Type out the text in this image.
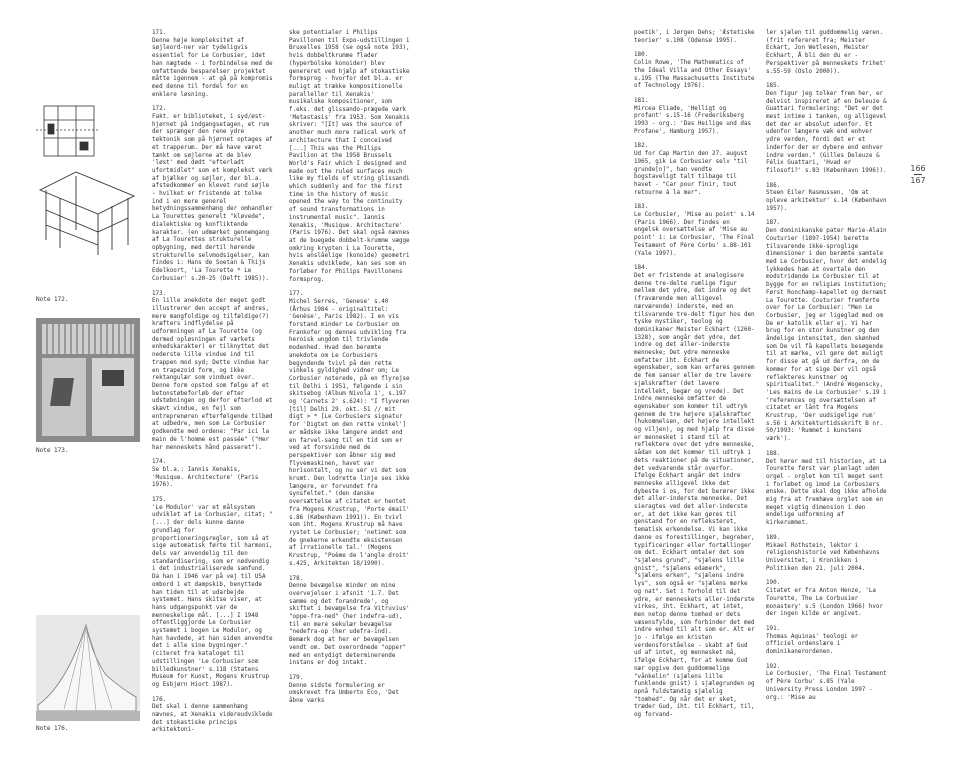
Note 172.
Note 173.
Note 176.
166
167

171.
Denne høje kompleksitet af søjleord-ner var tydeligvis essentiel for Le Corbusier, idet han nægtede - i forbindelse med de omfattende besparelser projektet måtte igennem - at gå på kompromis med denne til fordel for en enklere løsning.

172.
Fakt. er biblioteket, i syd/øst-hjørnet på indgangsetagen, et rum der sprænger den rene ydre tektonik som på hjørnet optages af et trapperum. Der må have været tænkt om søjlerne at de blev 'løst' med dødt "efterladt ufortmidlet" som et komplekst værk af bjælker og søjler, der bl.a. afstedkommer en klevet rund søjle - hvilket er fristende at tolke ind i en mere generel betydningssammenhæng der omhandler La Tourettes generelt "kløvede", dialektiske og konfliktende karakter. (en udmærket gennemgang af La Tourettes strukturelle opbygning, med dertil hørende strukturelle selvmodsigelser, kan findes i: Hans de Soetan & Thijs Edelkoort, 'La Tourette * Le Corbusier' s.20-25 (Delft 1985)).

173.
En lille anekdote der meget godt illustrerer den accept af andres, mere mangfoldige og tilfældige(?) kræfters indflydelse på udformningen af La Tourette (og dermed opløsningen af værkets enhedskarakter) er tilknyttet det nederste lille vindue ind til trappen mod syd; Dette vindue har en trapezoid form, og ikke rektangulær som vinduet over. Denne form opstod som følge af et betonstøbeforløb der efter udstøbningen og derfor efterlod et skævt vindue, en fejl som entreprenøren efterfølgende tilbød at udbedre, men som Le Corbusier godkendte med ordene: "Par ici la main de l'homme est passée" ("Her har menneskets hånd passeret").

174.
Se bl.a.: Iannis Xenakis, 'Musique. Architecture' (Paris 1976).

175.
'Le Modulor' var et målsystem udviklet af Le Corbusier, citat; "[...] der dels kunne danne grundlag for proportioneringsregler, som så at sige automatisk førte til harmoni, dels var anvendelig til den standardisering, som er nødvendig i det industrialiserede samfund. Da han i 1946 var på vej til USA ombord i et dampskib, benyttede han tiden til at udarbejde systemet. Hans skitse viser, at hans udgangspunkt var de menneskelige mål. [...] I 1948 offentliggjorde Le Corbusier systemet i bogen Le Modulor, og han havdede, at han siden anvendte det i alle sine bygninger." (citeret fra kataloget til udstillingen 'Le Corbusier som billedkunstner' s.118 (Statens Museum for Kunst, Mogens Krustrup og Esbjørn Hiort 1987).

176.
Det skal i denne sammenhæng nævnes, at Xenakis videreudviklede det stokastiske princips arkitektoni-

ske potentialer i Philips Pavillonen til Expo-udstillingen i Bruxelles 1958 (se også note 193), hvis dobbeltkrumme flader (hyperbolske konoider) blev genereret ved hjælp af stokastiske formsprog - hvorfor det bl.a. er muligt at trække kompositionelle paralleller til Xenakis' musikalske kompositioner, som f.eks. det glissando-prægede værk 'Metastasis' fra 1953. Som Xenakis skriver: "[It] was the source of another much more radical work of architecture that I conceived [...] This was the Philips Pavilion at the 1958 Brussels World's Fair which I designed and made out the ruled surfaces much like my fields of string glissandi which suddenly and for the first time in the history of music opened the way to the continuity of sound transformations in instrumental music". Iannis Xenakis, 'Musique. Architecture' (Paris 1976). Det skal også nævnes at de buegede dobbelt-krumme vægge omkring krypten i La Tourette, hvis anslåelige (konoide) geometri Xenakis udviklede, kan ses som en forløber for Philips Pavillonens formsprog.

177.
Michel Serres, 'Genese' s.40 (Århus 1984 - originaltitel: 'Genèse', Paris 1982). I en vis forstand minder Le Corbusier om Frankofer og dennes udvikling fra heroisk ungdom til trivlende modenhed. Hvad den berømte anekdote om Le Corbusiers begyndende tvivl på den rette vinkels gyldighed vidner om; Le Corbusier noterede, på en flyrejse til Delhi i 1951, følgende i sin skitsebog (Album Nivola 1', s.197 og 'Carnets 2' s.624): "I flyveren [til] Delhi 29. okt. 51 // mit digt > * [Le Corbusiers signatur for 'Digtet om den rette vinkel'] er mådske ikke længere andet end en farvel-sang til en tid som er ved at forsvinde med de perspektiver som åbner sig med flyvemaskinen, havet var horisontalt, og nu ser vi det som krumt. Den lodrette linje ses ikke længere, er forvundet fra synsfeltet." (den danske oversættelse af citatet er hentet fra Mogens Krustrup, 'Porte émail' s.86 (København 1991)). En tvivl som iht. Mogens Krustrup må have rystet Le Corbusier; 'netimet som de gnekerne erkendte eksistensen af irrationelle tal.' (Mogens Krustrup, "Poème de l'angle droit' s.425, Arkitekten 18/1990).

178.
Denne bevægelse minder om mine overvejelser i afsnit '1.7. Det samme og det forandrede', og skiftet i bevægelse fra Vitruvius' "oppe-fra-ned" (her indefra-ud), til en mere sekulær bevægelse "nedefra-op (her udefra-ind). Bemærk dog at her er bevægelsen vendt om. Det overordnede "opper" med en entydigt determinerende instans er dog intakt.

179.
Denne sidste formulering er omskrevet fra Umberto Eco, 'Det åbne værks

poetik', i Jørgen Dehs; 'Æstetiske teorier' s.108 (Odense 1995).

180.
Colin Rowe, 'The Mathematics of the Ideal Villa and Other Essays' s.195 (The Massachusetts Institute of Technology 1976).

181.
Mircea Eliade, 'Helligt og profant' s.15-16 (Frederiksberg 1993 - org.: 'Das Heilige und das Profane', Hamburg 1957).

182.
Ud for Cap Martin den 27. august 1965, gik Le Corbusier selv "til grunde[n]", han vendte bogstaveligt talt tilbage til havet - "Car pour finir, tout retourne à la mer".

183.
Le Corbusier, 'Mise au point' s.14 (Paris 1966). Der findes en engelsk oversættelse af 'Mise au point' i: Le Corbusier, 'The Final Testament of Père Corbu' s.88-101 (Yale 1997).

184.
Det er fristende at analogisere denne tre-delte rumlige figur mellem det ydre, det indre og det (fraværende men alligevel nærværende) inderste, med en tilsvarende tre-delt figur hos den tyske mystiker, teolog og dominikaner Meister Eckhart (1260-1328), som angår det ydre, det indre og det aller-inderste menneske; Det ydre menneske omfatter iht. Eckhart de egenskaber, som kan erfares gennem de fem sanser eller de tre lavere sjælskræfter (det lavere intellekt, begær og vrede). Det indre menneske omfatter de egenskaber som kommer til udtryk gennem de tre højere sjælskræfter (hukommelsen, det højere intellekt og viljen), og med hjælp fra disse er mennesket i stand til at reflektere over det ydre menneske, sådan som det kommer til udtryk i dets reaktioner på de situationer, det vedvarende står overfor. Ifølge Eckhart angår det indre menneske alligevel ikke det dybeste i os, for det berører ikke det aller-inderste menneske. Det sieragtes ved det aller-inderste er, at det ikke kan gøres til genstand for en refleksteret, tematisk erkendelse. Vi kan ikke danne os forestillinger, begreber, typificeringer eller fortællinger om det. Eckhart omtaler det som "sjælens grund", "sjælens lille gnist", "sjælens edamerk", "sjælens erken", "sjælens indre lys", som også er "sjælens mørke og nat". Set i forhold til det ydre, er menneskets aller-inderste virkes, iht. Eckhart, at intet, men netop denne tomhed er dets væsensfylde, som forbinder det med indre enhed til alt som er. Alt er jo - ifølge en kristen verdensforståelse - skabt af Gud ud af intet, og mennesket må, ifølge Eckhart, for at komme Gud nær opgive den guddommelige "vånkelin" (sjælens lille funklende gnist) i sjælegrunden og opnå fuldstændig sjælelig "tomhed". Og når det er sket, træder Gud, iht. til Eckhart, til, og forvand-

ler sjælen til guddommelig væren. (frit refereret fra; Meister Eckart, Jon Wetlesen, Meister Eckhart, Å bli den du er - Perspektiver på menneskets frihet' s.55-59 (Oslo 2000)).

185.
Den figur jeg tolker frem her, er delvist inspireret af en Deleuze & Guattari formulering: "Det er det mest intime i tanken, og alligevel det der er absolut udenfor. Et udenfor længere væk end enhver ydre verden, fordi det er et inderfor der er dybere end enhver indre verden." (Gilles Deleuze & Félix Guattari, 'Hvad er filosofi?' s.83 (København 1996)).

186.
Steen Eiler Rasmussen, 'Om at opleve arkitektur' s.14 (København 1957).

187.
Den dominikanske pater Marie-Alain Couturier (1897-1954) berette tilsvarende ikke-sproglige dimensioner i den berømte samtale med Le Corbusier, hvor det endelig lykkedes ham at overtale den modstridende Le Corbusier til at bygge for en religiøs institution; Først Ronchamp-kapellet og dernæst La Tourette. Couturier fremførte over for Le Corbusier: "Men Le Corbusier, jeg er ligeglad med om De er katolik eller ej. Vi har brug for en stor kunstner og den åndelige intensitet, den skønhed som De vil få kapellets besøgende til at mærke, vil gøre det muligt for disse at gå ud derfra, om de kommer for at sige Der vil også reflekteres kunstner og spiritualitet." (André Wogenscky, 'Les mains de Le Corbusier' s.19 i 'references og oversættelsen af citatet er lånt fra Mogens Krustrup, 'Der uudsigelige rum' s.56 i Arkitekturtidsskrift B nr. 50/1993: 'Rummet i kunstens værk').

188.
Det hører med til historien, at La Tourette først var planlagt udøn orgel - orglet kom til meget sent i forløbet og imod Le Corbusiers ønske. Dette skal dog ikke afholde mig fra at fremhæve orglet som en meget vigtig dimension i den endelige udformning af kirkerummet.

189.
Mikael Rothstein, lektor i religionshistorie ved Københavns Universitet, i Kronikken i Politiken den 21. juli 2004.

190.
Citatet er fra Anton Henze, 'La Tourette, The Le Corbusier monastery' s.5 (London 1966) hvor der ingen kilde er angivet.

191.
Thomas Aquinas' teologi er officiel ordenslære i dominikanerordenen.

192.
Le Corbusier, 'The Final Testament of Père Corbu' s.85 (Yale University Press London 1997 - org.: 'Mise au
